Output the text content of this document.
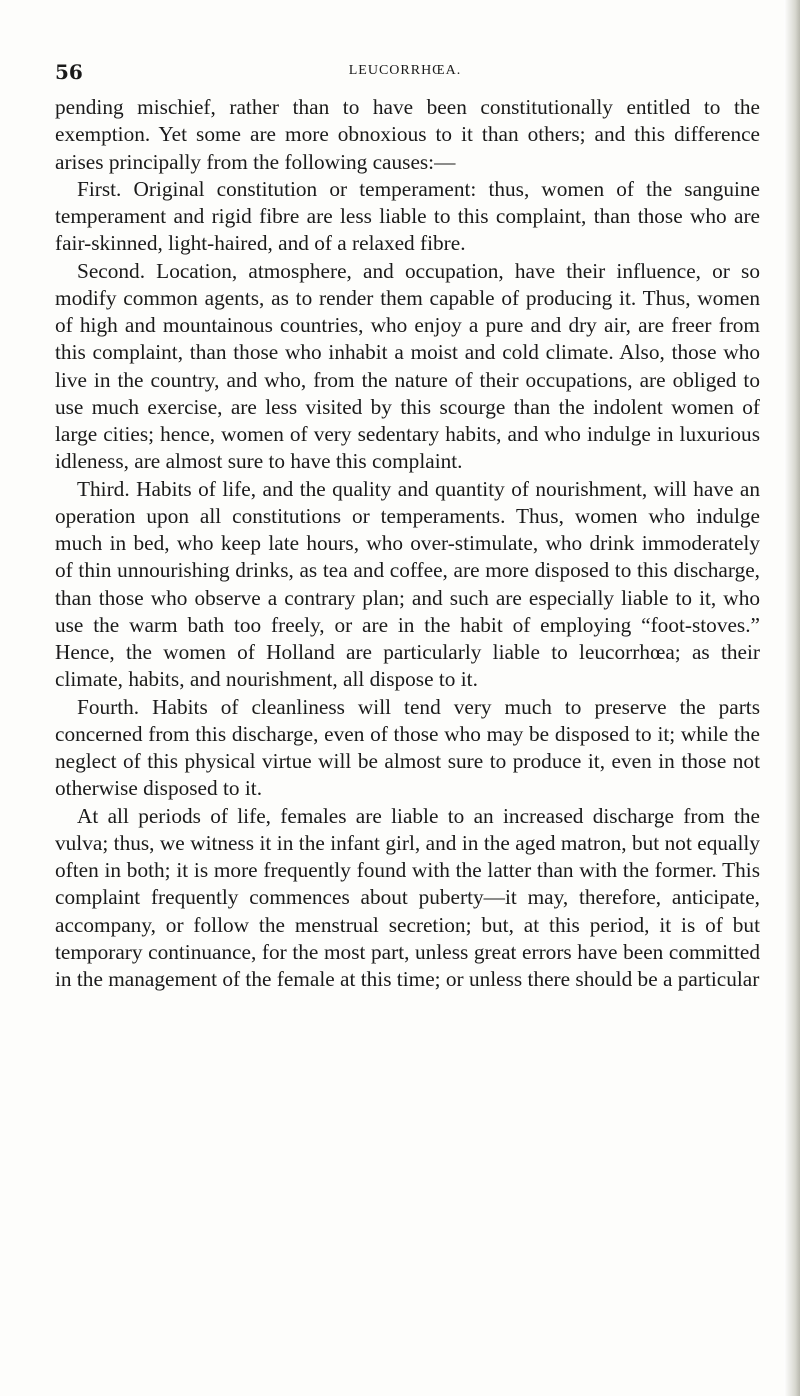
56	LEUCORRHŒA.

pending mischief, rather than to have been constitutionally entitled to the exemption. Yet some are more obnoxious to it than others; and this difference arises principally from the following causes:—

First. Original constitution or temperament: thus, women of the sanguine temperament and rigid fibre are less liable to this complaint, than those who are fair-skinned, light-haired, and of a relaxed fibre.

Second. Location, atmosphere, and occupation, have their influence, or so modify common agents, as to render them capable of producing it. Thus, women of high and mountainous countries, who enjoy a pure and dry air, are freer from this complaint, than those who inhabit a moist and cold climate. Also, those who live in the country, and who, from the nature of their occupations, are obliged to use much exercise, are less visited by this scourge than the indolent women of large cities; hence, women of very sedentary habits, and who indulge in luxurious idleness, are almost sure to have this complaint.

Third. Habits of life, and the quality and quantity of nourishment, will have an operation upon all constitutions or temperaments. Thus, women who indulge much in bed, who keep late hours, who over-stimulate, who drink immoderately of thin unnourishing drinks, as tea and coffee, are more disposed to this discharge, than those who observe a contrary plan; and such are especially liable to it, who use the warm bath too freely, or are in the habit of employing “foot-stoves.” Hence, the women of Holland are particularly liable to leucorrhœa; as their climate, habits, and nourishment, all dispose to it.

Fourth. Habits of cleanliness will tend very much to preserve the parts concerned from this discharge, even of those who may be disposed to it; while the neglect of this physical virtue will be almost sure to produce it, even in those not otherwise disposed to it.

At all periods of life, females are liable to an increased discharge from the vulva; thus, we witness it in the infant girl, and in the aged matron, but not equally often in both; it is more frequently found with the latter than with the former. This complaint frequently commences about puberty—it may, therefore, anticipate, accompany, or follow the menstrual secretion; but, at this period, it is of but temporary continuance, for the most part, unless great errors have been committed in the management of the female at this time; or unless there should be a particular
